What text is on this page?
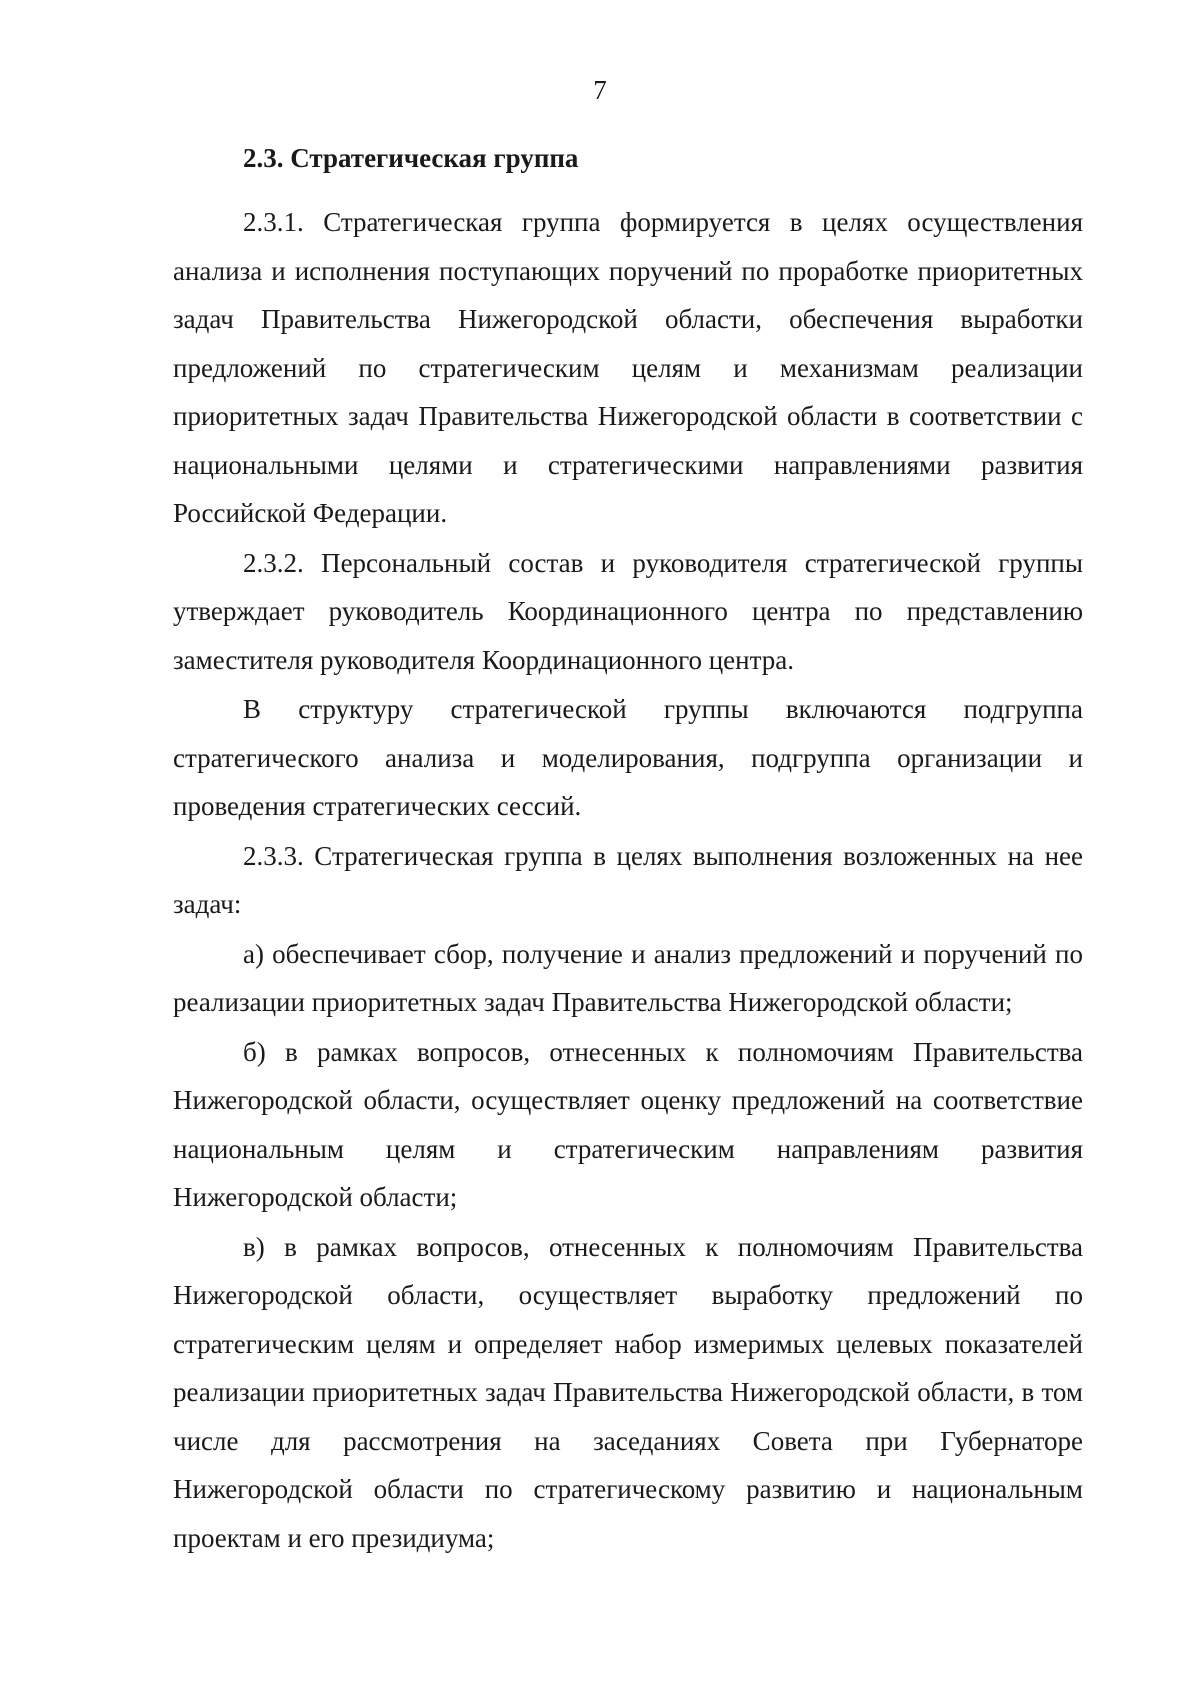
7
2.3. Стратегическая группа

2.3.1. Стратегическая группа формируется в целях осуществления анализа и исполнения поступающих поручений по проработке приоритетных задач Правительства Нижегородской области, обеспечения выработки предложений по стратегическим целям и механизмам реализации приоритетных задач Правительства Нижегородской области в соответствии с национальными целями и стратегическими направлениями развития Российской Федерации.

2.3.2. Персональный состав и руководителя стратегической группы утверждает руководитель Координационного центра по представлению заместителя руководителя Координационного центра.

В структуру стратегической группы включаются подгруппа стратегического анализа и моделирования, подгруппа организации и проведения стратегических сессий.

2.3.3. Стратегическая группа в целях выполнения возложенных на нее задач:

а) обеспечивает сбор, получение и анализ предложений и поручений по реализации приоритетных задач Правительства Нижегородской области;

б) в рамках вопросов, отнесенных к полномочиям Правительства Нижегородской области, осуществляет оценку предложений на соответствие национальным целям и стратегическим направлениям развития Нижегородской области;

в) в рамках вопросов, отнесенных к полномочиям Правительства Нижегородской области, осуществляет выработку предложений по стратегическим целям и определяет набор измеримых целевых показателей реализации приоритетных задач Правительства Нижегородской области, в том числе для рассмотрения на заседаниях Совета при Губернаторе Нижегородской области по стратегическому развитию и национальным проектам и его президиума;
